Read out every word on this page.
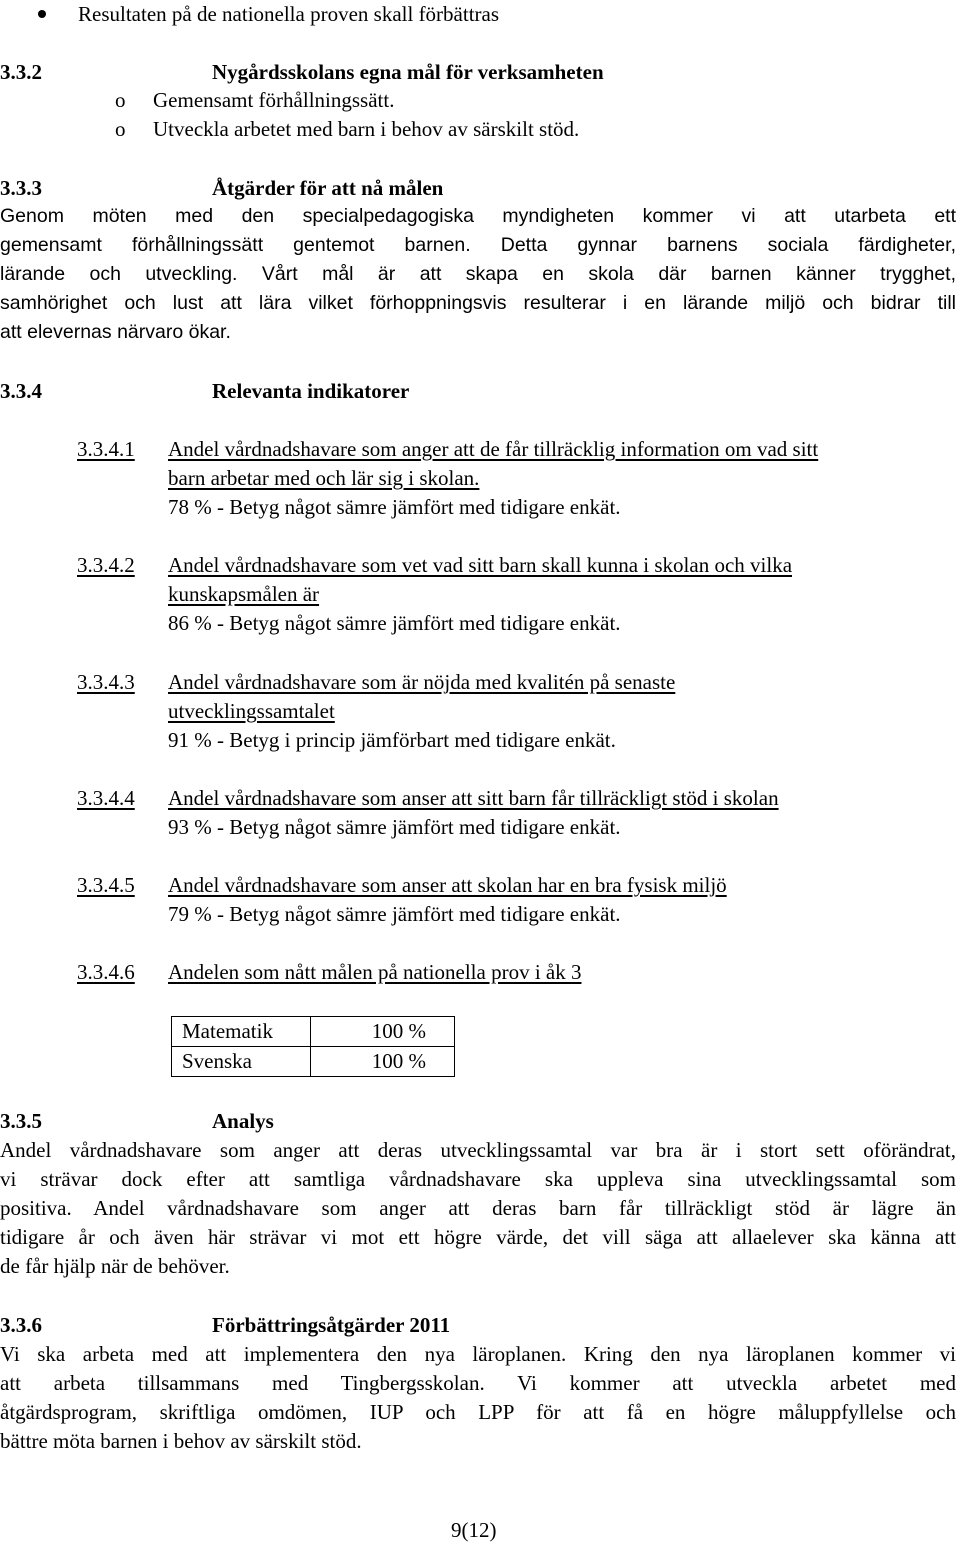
Resultaten på de nationella proven skall förbättras

3.3.2	Nygårdsskolans egna mål för verksamheten

o Gemensamt förhållningssätt.

o Utveckla arbetet med barn i behov av särskilt stöd.

3.3.3	Åtgärder för att nå målen

Genom möten med den specialpedagogiska myndigheten kommer vi att utarbeta ett
gemensamt förhållningssätt gentemot barnen. Detta gynnar barnens sociala färdigheter,
lärande och utveckling. Vårt mål är att skapa en skola där barnen känner trygghet,
samhörighet och lust att lära vilket förhoppningsvis resulterar i en lärande miljö och bidrar till
att elevernas närvaro ökar.

3.3.4	Relevanta indikatorer

3.3.4.1 Andel vårdnadshavare som anger att de får tillräcklig information om vad sitt

barn arbetar med och lär sig i skolan.

78 % - Betyg något sämre jämfört med tidigare enkät.

3.3.4.2 Andel vårdnadshavare som vet vad sitt barn skall kunna i skolan och vilka

kunskapsmålen är

86 % - Betyg något sämre jämfört med tidigare enkät.

3.3.4.3 Andel vårdnadshavare som är nöjda med kvalitén på senaste

utvecklingssamtalet

91 % - Betyg i princip jämförbart med tidigare enkät.

3.3.4.4 Andel vårdnadshavare som anser att sitt barn får tillräckligt stöd i skolan

93 % - Betyg något sämre jämfört med tidigare enkät.

3.3.4.5 Andel vårdnadshavare som anser att skolan har en bra fysisk miljö

79 % - Betyg något sämre jämfört med tidigare enkät.

3.3.4.6 Andelen som nått målen på nationella prov i åk 3

Matematik	100 %
Svenska	100 %

3.3.5	Analys

Andel vårdnadshavare som anger att deras utvecklingssamtal var bra är i stort sett oförändrat,
vi strävar dock efter att samtliga vårdnadshavare ska uppleva sina utvecklingssamtal som
positiva. Andel vårdnadshavare som anger att deras barn får tillräckligt stöd är lägre än
tidigare år och även här strävar vi mot ett högre värde, det vill säga att allaelever ska känna att
de får hjälp när de behöver.

3.3.6	Förbättringsåtgärder 2011

Vi ska arbeta med att implementera den nya läroplanen. Kring den nya läroplanen kommer vi
att arbeta tillsammans med Tingbergsskolan. Vi kommer att utveckla arbetet med
åtgärdsprogram, skriftliga omdömen, IUP och LPP för att få en högre måluppfyllelse och
bättre möta barnen i behov av särskilt stöd.

9(12)
